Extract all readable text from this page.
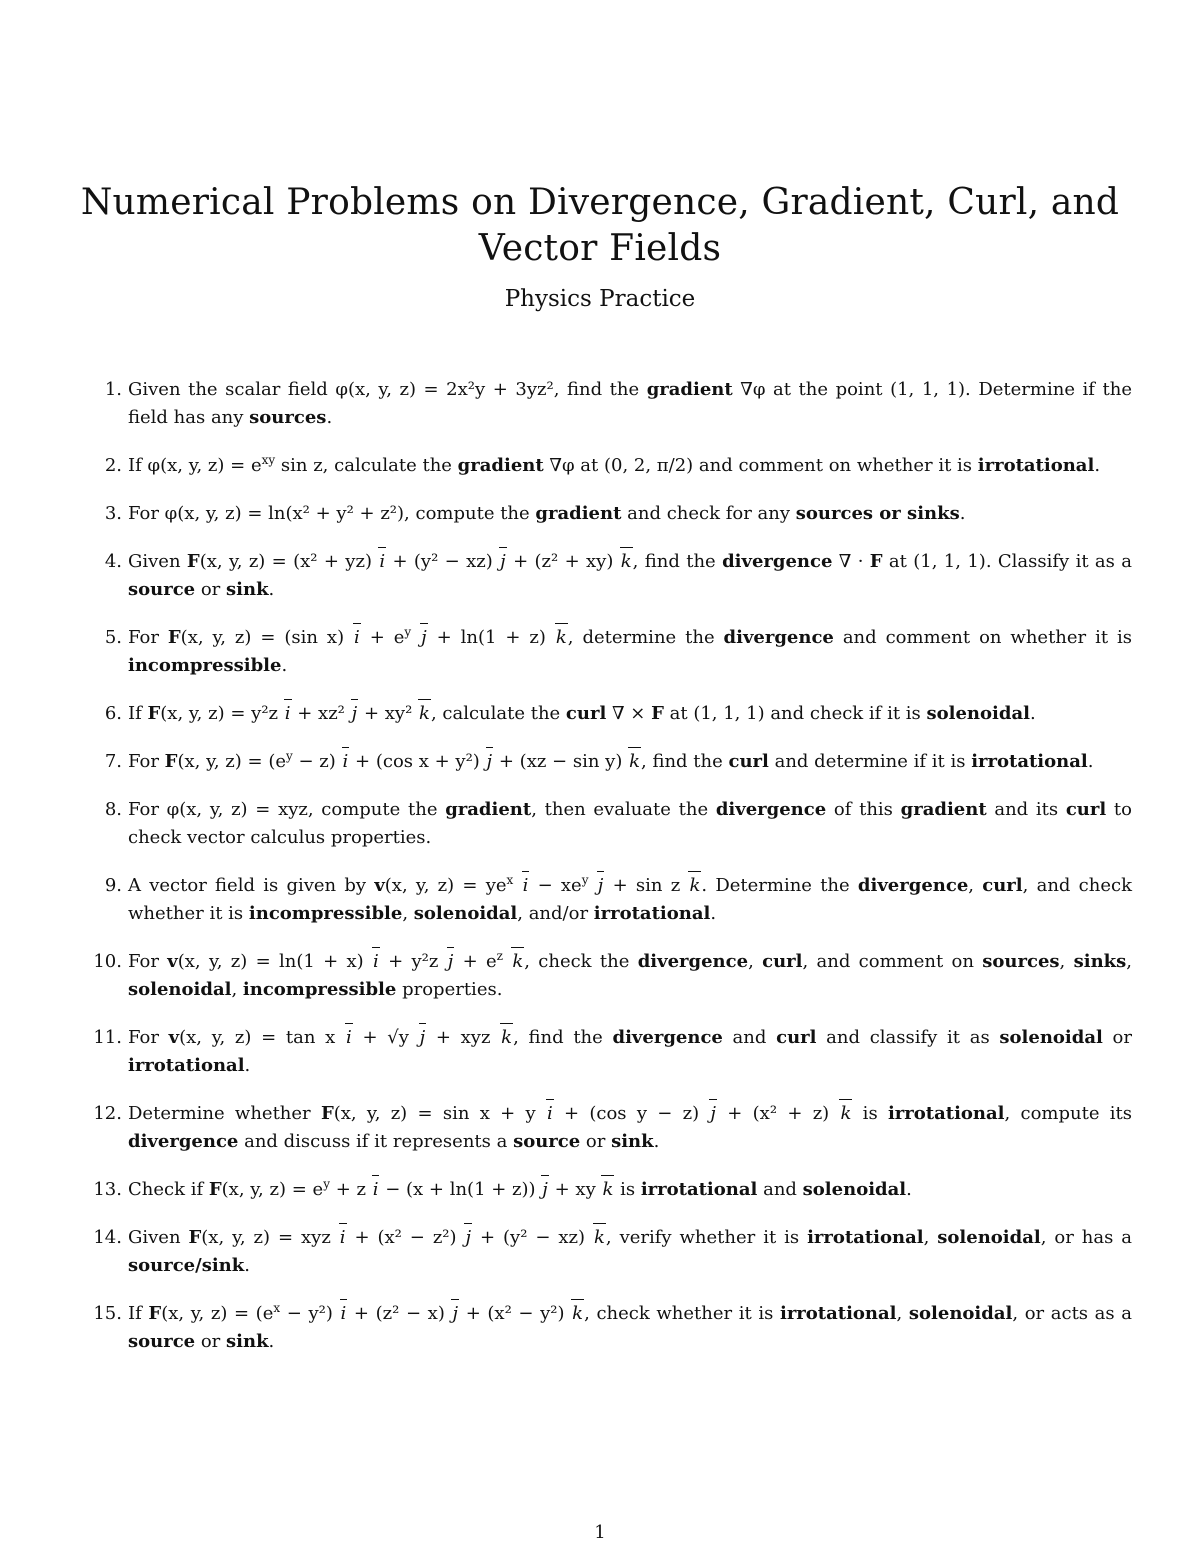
Numerical Problems on Divergence, Gradient, Curl, and Vector Fields
Physics Practice
1. Given the scalar field φ(x, y, z) = 2x²y + 3yz², find the gradient ∇φ at the point (1, 1, 1). Determine if the field has any sources.
2. If φ(x, y, $z) = e^{xy}$ sin z, calculate the gradient ∇φ at (0, 2, π/2) and comment on whether it is irrotational.
3. For φ(x, y, z) = ln(x² + y² + z²), compute the gradient and check for any sources or sinks.
4. Given F(x, y, z) = (x² + yz) i + (y² − xz) j + (z² + xy) k, find the divergence ∇ · F at (1, 1, 1). Classify it as a source or sink.
5. For F(x, y, z) = (sin x) $i + e^y$ j + ln(1 + z) k, determine the divergence and comment on whether it is incompressible.
6. If F(x, y, z) = y²z i + xz² j + xy² k, calculate the curl ∇ × F at (1, 1, 1) and check if it is solenoidal.
7. For F(x, y, $z) = (e^y - z) i + (\cos$ x + y²) j + (xz − sin y) k, find the curl and determine if it is irrotational.
8. For φ(x, y, z) = xyz, compute the gradient, then evaluate the divergence of this gradient and its curl to check vector calculus properties.
9. A vector field is given by v(x, y, $z) = ye^x$ $i - xe^y$ j + sin z k. Determine the divergence, curl, and check whether it is incompressible, solenoidal, and/or irrotational.
10. For v(x, y, z) = ln(1 + x) i + y²z $j + e^z$ k, check the divergence, curl, and comment on sources, sinks, solenoidal, incompressible properties.
11. For v(x, y, z) = tan x i + √y j + xyz k, find the divergence and curl and classify it as solenoidal or irrotational.
12. Determine whether F(x, y, z) = sin x + y i + (cos y − z) j + (x² + z) k is irrotational, compute its divergence and discuss if it represents a source or sink.
13. Check if F(x, y, $z) = e^y + z$ i − (x + ln(1 + z)) j + xy k is irrotational and solenoidal.
14. Given F(x, y, z) = xyz i + (x² − z²) j + (y² − xz) k, verify whether it is irrotational, solenoidal, or has a source/sink.
15. If F(x, y, $z) = (e^x - y^2) i + (z^2 - x) j + (x^2 - y^2)$ k, check whether it is irrotational, solenoidal, or acts as a source or sink.
1
